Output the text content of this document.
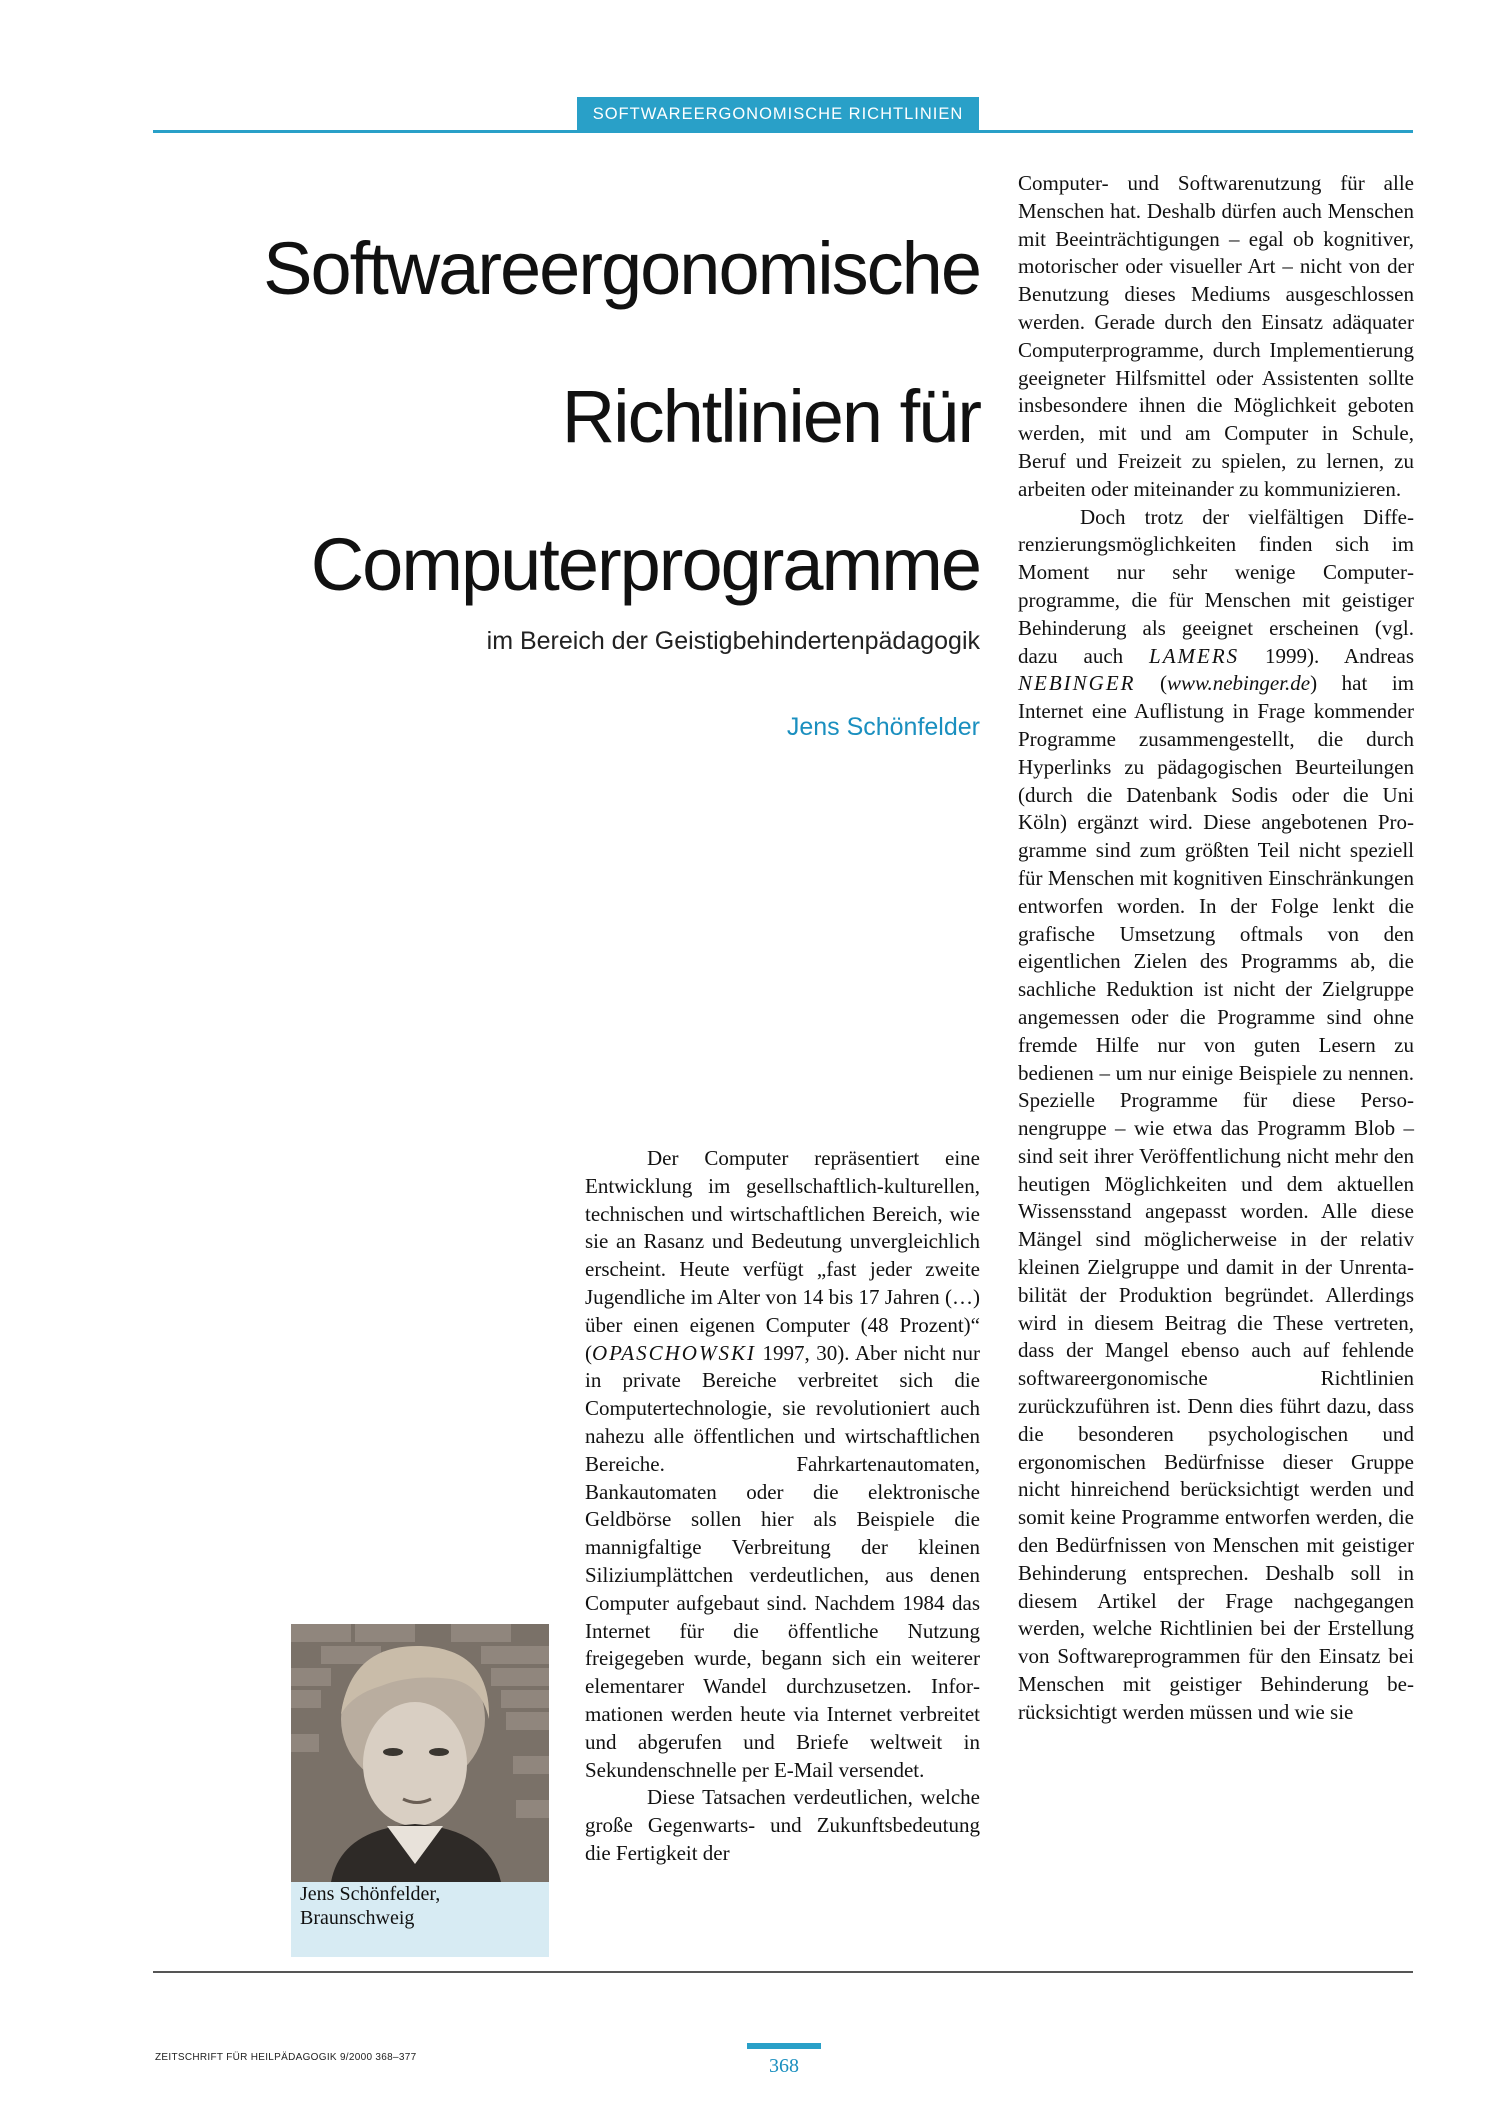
SOFTWAREERGONOMISCHE RICHTLINIEN
Softwareergonomische
Richtlinien für
Computerprogramme
im Bereich der Geistigbehindertenpädagogik
Jens Schönfelder

Der Computer repräsentiert eine Entwicklung im gesellschaftlich-kulturellen, technischen und wirtschaftlichen Bereich, wie sie an Rasanz und Bedeutung unvergleichlich erscheint. Heute verfügt „fast jeder zweite Jugendliche im Alter von 14 bis 17 Jahren (…) über einen eigenen Computer (48 Prozent)“ (OPASCHOWSKI 1997, 30). Aber nicht nur in private Bereiche verbreitet sich die Computertechnologie, sie revolutioniert auch nahezu alle öffentlichen und wirtschaftlichen Bereiche. Fahrkartenautomaten, Bankautomaten oder die elektronische Geldbörse sollen hier als Beispiele die mannigfaltige Verbreitung der kleinen Siliziumplättchen verdeutlichen, aus denen Computer aufgebaut sind. Nachdem 1984 das Internet für die öffentliche Nutzung freigegeben wurde, begann sich ein weiterer elementarer Wandel durchzusetzen. Informationen werden heute via Internet verbreitet und abgerufen und Briefe weltweit in Sekundenschnelle per E-Mail versendet.

Diese Tatsachen verdeutlichen, welche große Gegenwarts- und Zukunftsbedeutung die Fertigkeit der

Computer- und Softwarenutzung für alle Menschen hat. Deshalb dürfen auch Menschen mit Beeinträchtigungen – egal ob kognitiver, motorischer oder visueller Art – nicht von der Benutzung dieses Mediums ausgeschlossen werden. Gerade durch den Einsatz adäquater Computerprogramme, durch Implementierung geeigneter Hilfsmittel oder Assistenten sollte insbesondere ihnen die Möglichkeit geboten werden, mit und am Computer in Schule, Beruf und Freizeit zu spielen, zu lernen, zu arbeiten oder miteinander zu kommunizieren.

Doch trotz der vielfältigen Differenzierungsmöglichkeiten finden sich im Moment nur sehr wenige Computerprogramme, die für Menschen mit geistiger Behinderung als geeignet erscheinen (vgl. dazu auch LAMERS 1999). Andreas NEBINGER (www.nebinger.de) hat im Internet eine Auflistung in Frage kommender Programme zusammengestellt, die durch Hyperlinks zu pädagogischen Beurteilungen (durch die Datenbank Sodis oder die Uni Köln) ergänzt wird. Diese angebotenen Programme sind zum größten Teil nicht speziell für Menschen mit kognitiven Einschränkungen entworfen worden. In der Folge lenkt die grafische Umsetzung oftmals von den eigentlichen Zielen des Programms ab, die sachliche Reduktion ist nicht der Zielgruppe angemessen oder die Programme sind ohne fremde Hilfe nur von guten Lesern zu bedienen – um nur einige Beispiele zu nennen. Spezielle Programme für diese Personengruppe – wie etwa das Programm Blob – sind seit ihrer Veröffentlichung nicht mehr den heutigen Möglichkeiten und dem aktuellen Wissensstand angepasst worden. Alle diese Mängel sind möglicherweise in der relativ kleinen Zielgruppe und damit in der Unrentabilität der Produktion begründet. Allerdings wird in diesem Beitrag die These vertreten, dass der Mangel ebenso auch auf fehlende softwareergonomische Richtlinien zurückzuführen ist. Denn dies führt dazu, dass die besonderen psychologischen und ergonomischen Bedürfnisse dieser Gruppe nicht hinreichend berücksichtigt werden und somit keine Programme entworfen werden, die den Bedürfnissen von Menschen mit geistiger Behinderung entsprechen. Deshalb soll in diesem Artikel der Frage nachgegangen werden, welche Richtlinien bei der Erstellung von Softwareprogrammen für den Einsatz bei Menschen mit geistiger Behinderung berücksichtigt werden müssen und wie sie

Jens Schönfelder,
Braunschweig
ZEITSCHRIFT FÜR HEILPÄDAGOGIK 9/2000 368–377	368
